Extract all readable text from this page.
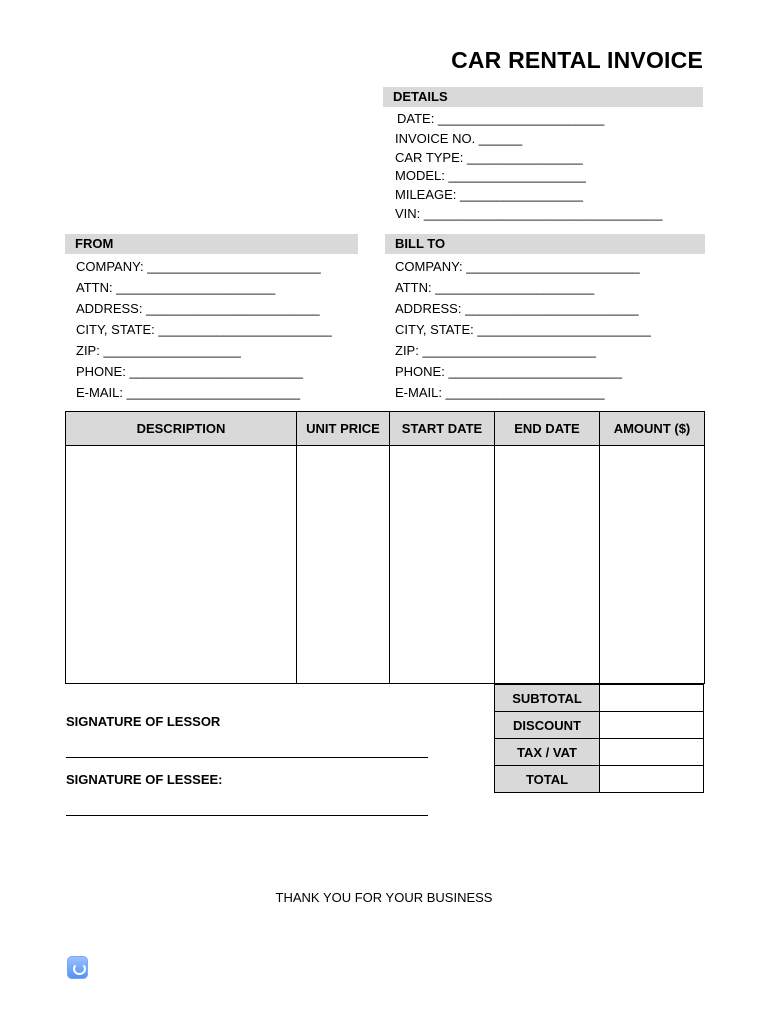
CAR RENTAL INVOICE
DETAILS
DATE: _______________________
INVOICE NO. ______
CAR TYPE: ________________
MODEL: ___________________
MILEAGE: _________________
VIN: _________________________________
FROM
COMPANY: ________________________
ATTN: ______________________
ADDRESS: ________________________
CITY, STATE: ________________________
ZIP: ___________________
PHONE: ________________________
E-MAIL: ________________________
BILL TO
COMPANY: ________________________
ATTN: ______________________
ADDRESS: ________________________
CITY, STATE: ________________________
ZIP: ________________________
PHONE: ________________________
E-MAIL: ______________________
DESCRIPTION	UNIT PRICE	START DATE	END DATE	AMOUNT ($)

SUBTOTAL	
DISCOUNT	
TAX / VAT	
TOTAL	
SIGNATURE OF LESSOR
SIGNATURE OF LESSEE:
THANK YOU FOR YOUR BUSINESS
